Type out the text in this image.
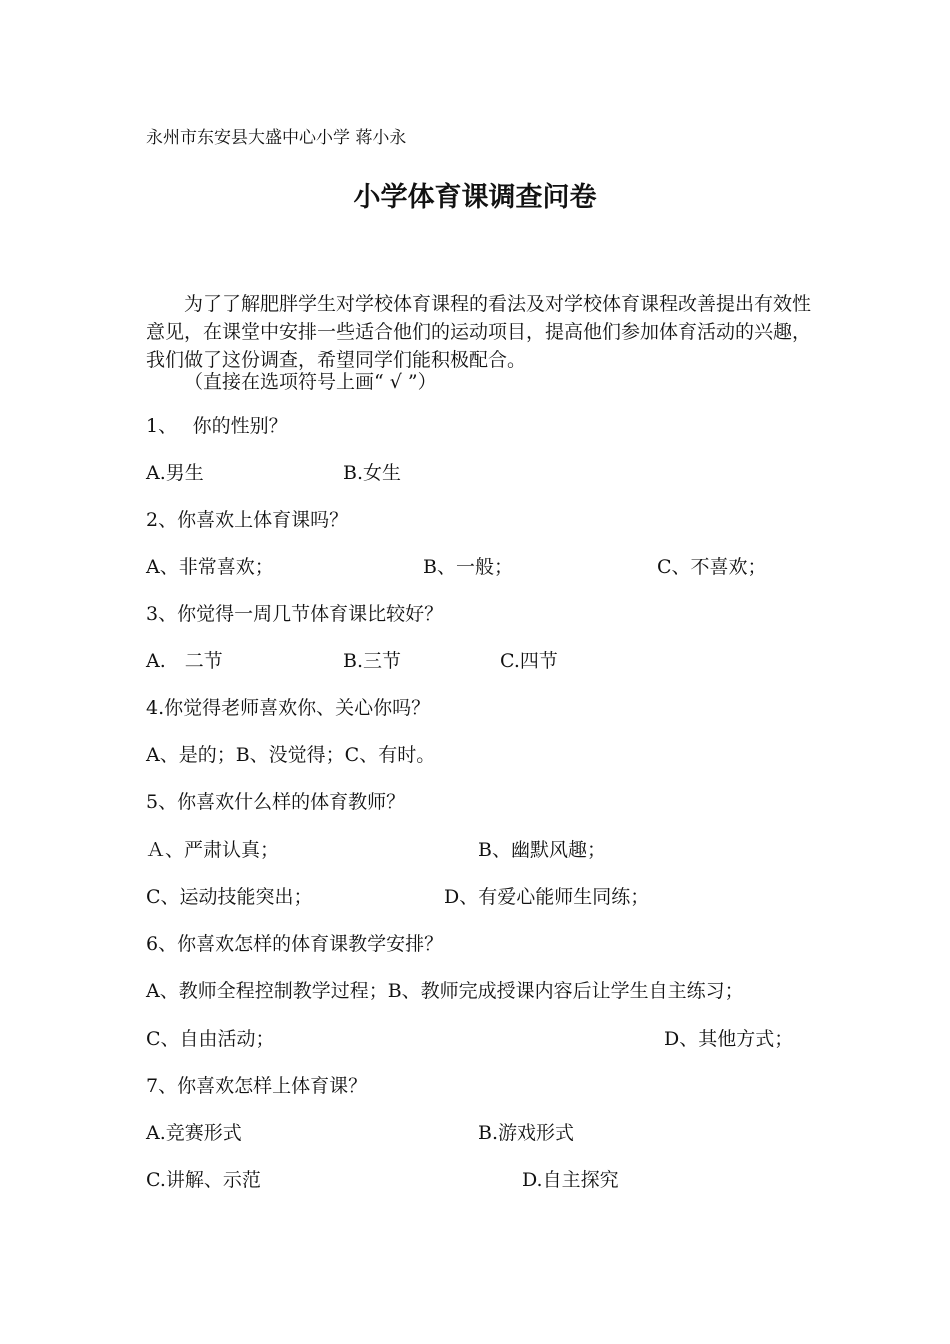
永州市东安县大盛中心小学 蒋小永
小学体育课调查问卷
为了了解肥胖学生对学校体育课程的看法及对学校体育课程改善提出有效性意见，在课堂中安排一些适合他们的运动项目，提高他们参加体育活动的兴趣，我们做了这份调查，希望同学们能积极配合。
（直接在选项符号上画“ √ ”）
1、　 你的性别？
A.男生	B.女生
2、你喜欢上体育课吗？
A、非常喜欢；	B、一般；	C、不喜欢；
3、你觉得一周几节体育课比较好？
A.　二节	B.三节	C.四节
4.你觉得老师喜欢你、关心你吗？
A、是的；B、没觉得；C、有时。
5、你喜欢什么样的体育教师？
Ａ、严肃认真；	B、幽默风趣；
C、运动技能突出；	D、有爱心能师生同练；
6、你喜欢怎样的体育课教学安排？
A、教师全程控制教学过程；B、教师完成授课内容后让学生自主练习；
C、自由活动；	D、其他方式；
7、你喜欢怎样上体育课？
A.竞赛形式	B.游戏形式
C.讲解、示范	D.自主探究
